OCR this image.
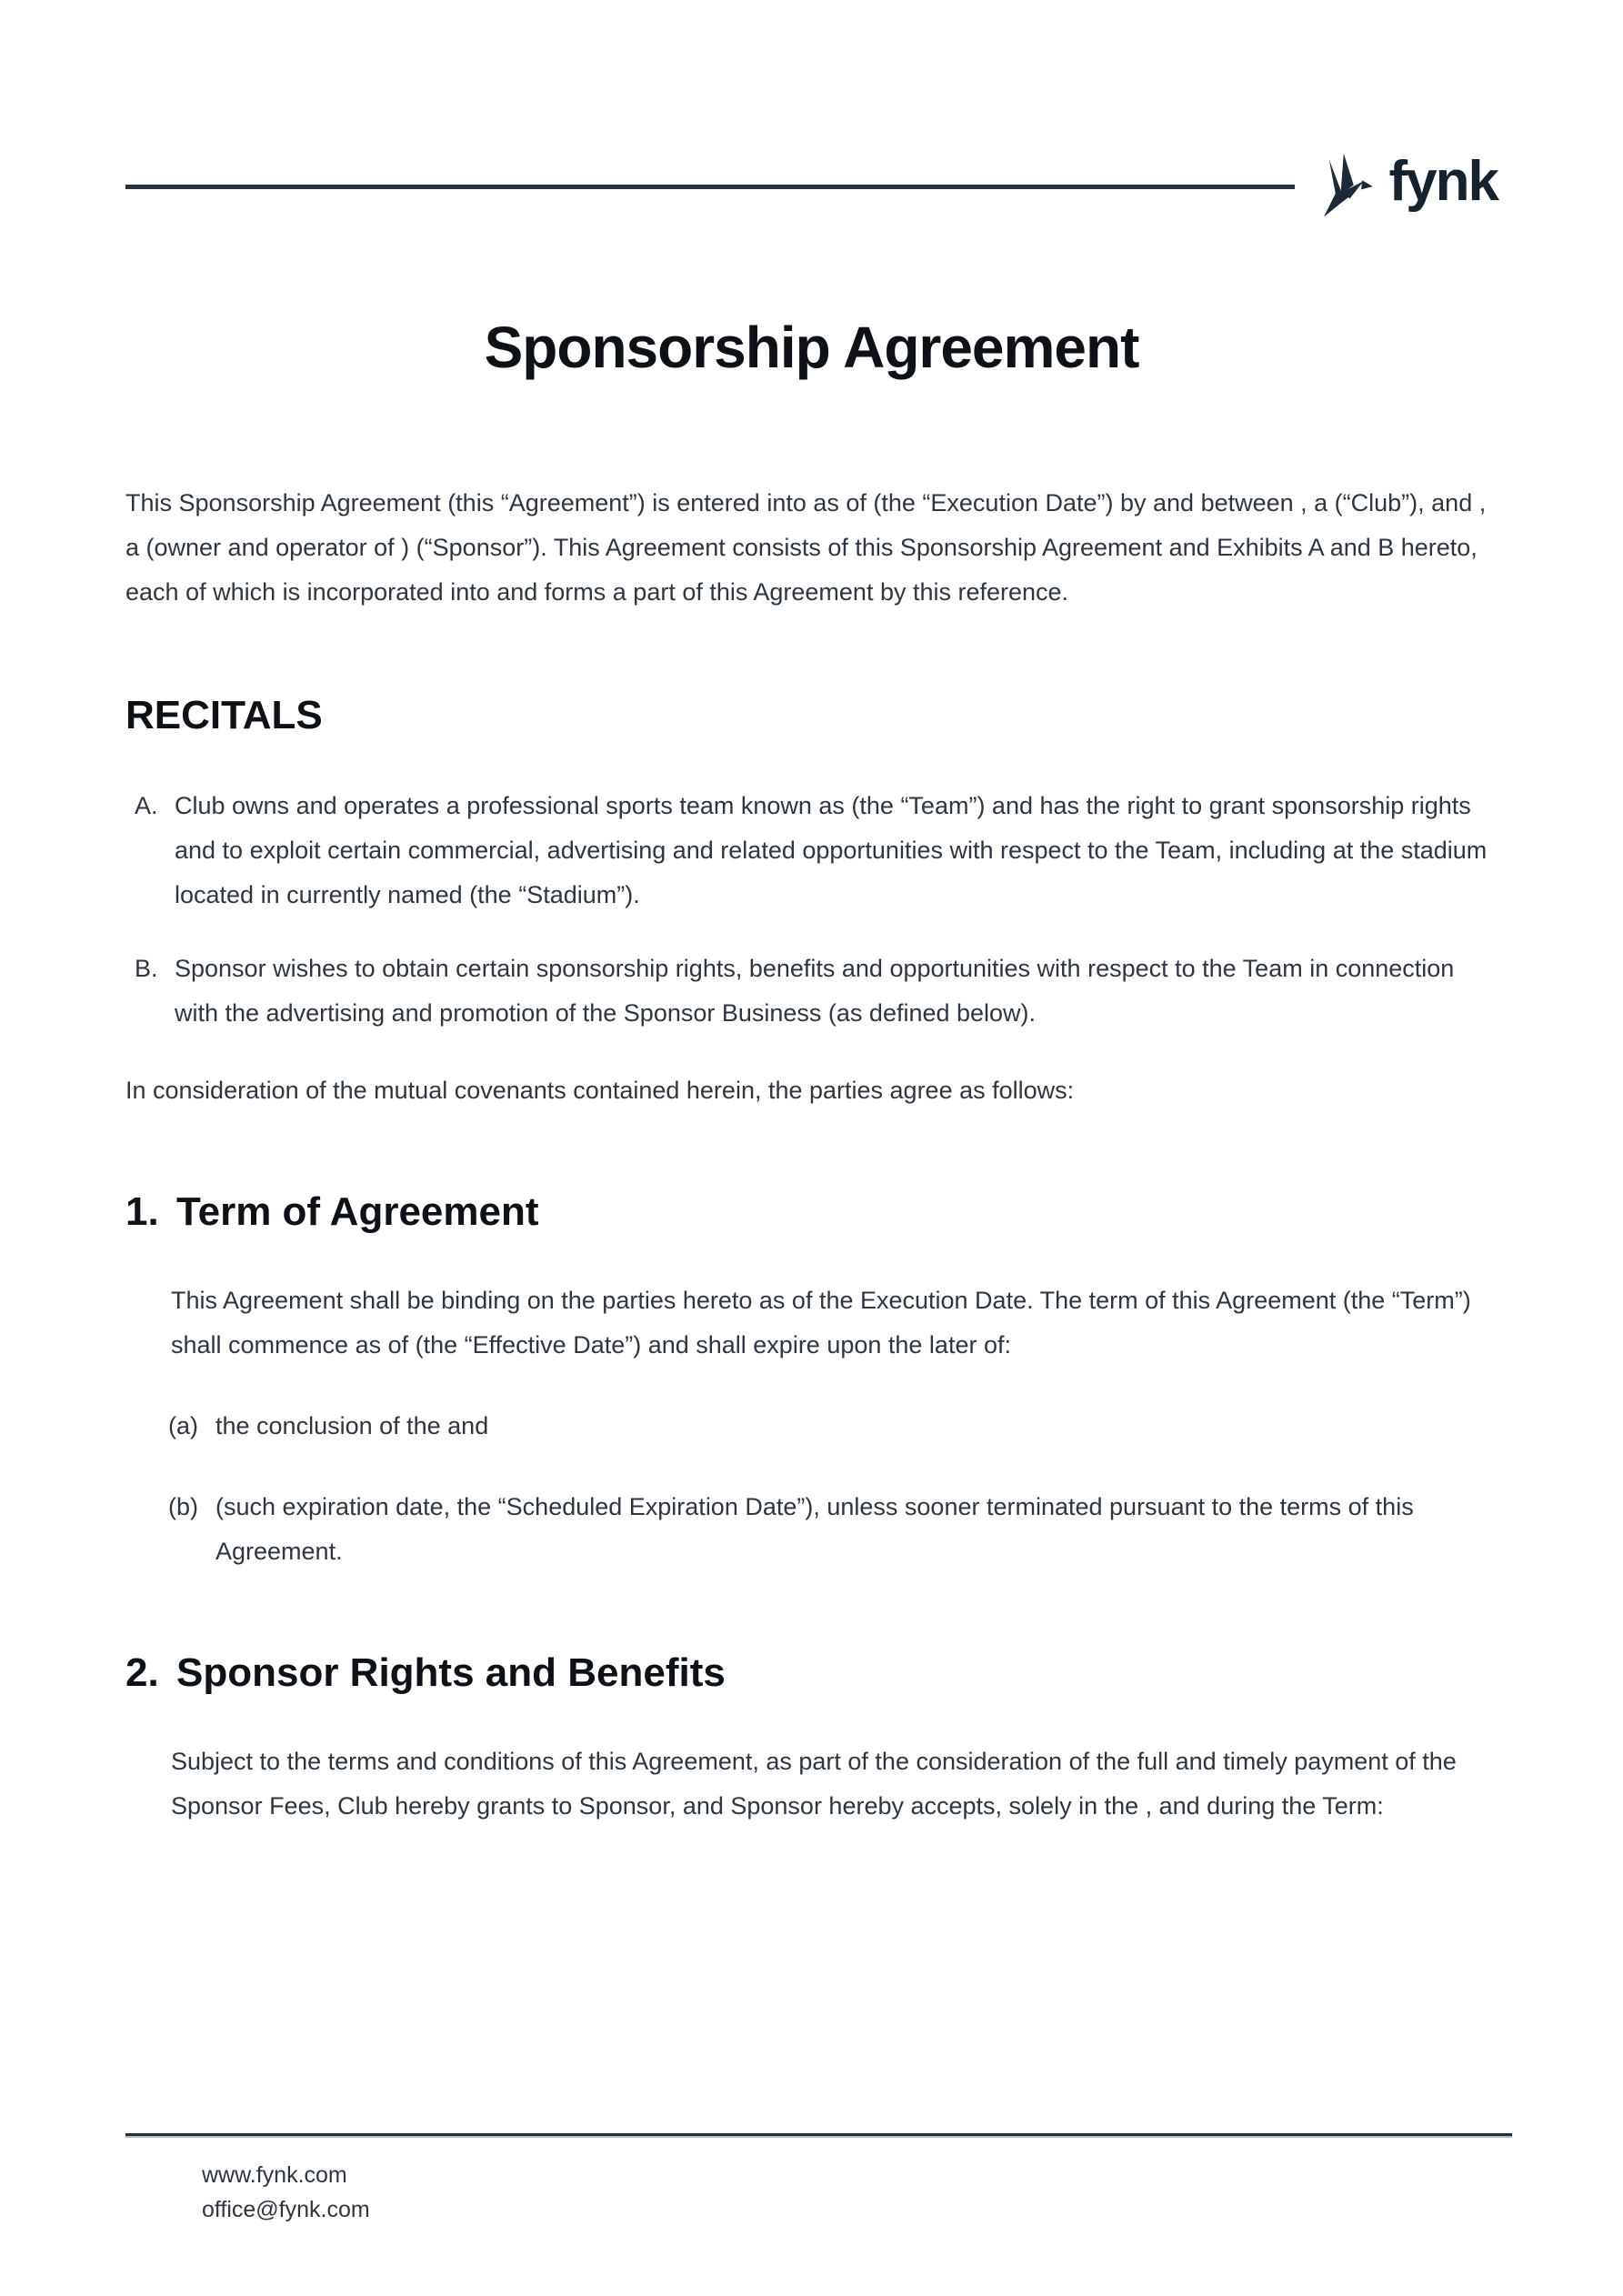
fynk
Sponsorship Agreement

This Sponsorship Agreement (this “Agreement”) is entered into as of (the “Execution Date”) by and between , a (“Club”), and , a (owner and operator of ) (“Sponsor”). This Agreement consists of this Sponsorship Agreement and Exhibits A and B hereto, each of which is incorporated into and forms a part of this Agreement by this reference.

RECITALS
A. Club owns and operates a professional sports team known as (the “Team”) and has the right to grant sponsorship rights and to exploit certain commercial, advertising and related opportunities with respect to the Team, including at the stadium located in currently named (the “Stadium”).

B. Sponsor wishes to obtain certain sponsorship rights, benefits and opportunities with respect to the Team in connection with the advertising and promotion of the Sponsor Business (as defined below).

In consideration of the mutual covenants contained herein, the parties agree as follows:

1. Term of Agreement

This Agreement shall be binding on the parties hereto as of the Execution Date. The term of this Agreement (the “Term”) shall commence as of (the “Effective Date”) and shall expire upon the later of:

(a) the conclusion of the and

(b) (such expiration date, the “Scheduled Expiration Date”), unless sooner terminated pursuant to the terms of this Agreement.

2. Sponsor Rights and Benefits

Subject to the terms and conditions of this Agreement, as part of the consideration of the full and timely payment of the Sponsor Fees, Club hereby grants to Sponsor, and Sponsor hereby accepts, solely in the , and during the Term:

www.fynk.com
office@fynk.com
